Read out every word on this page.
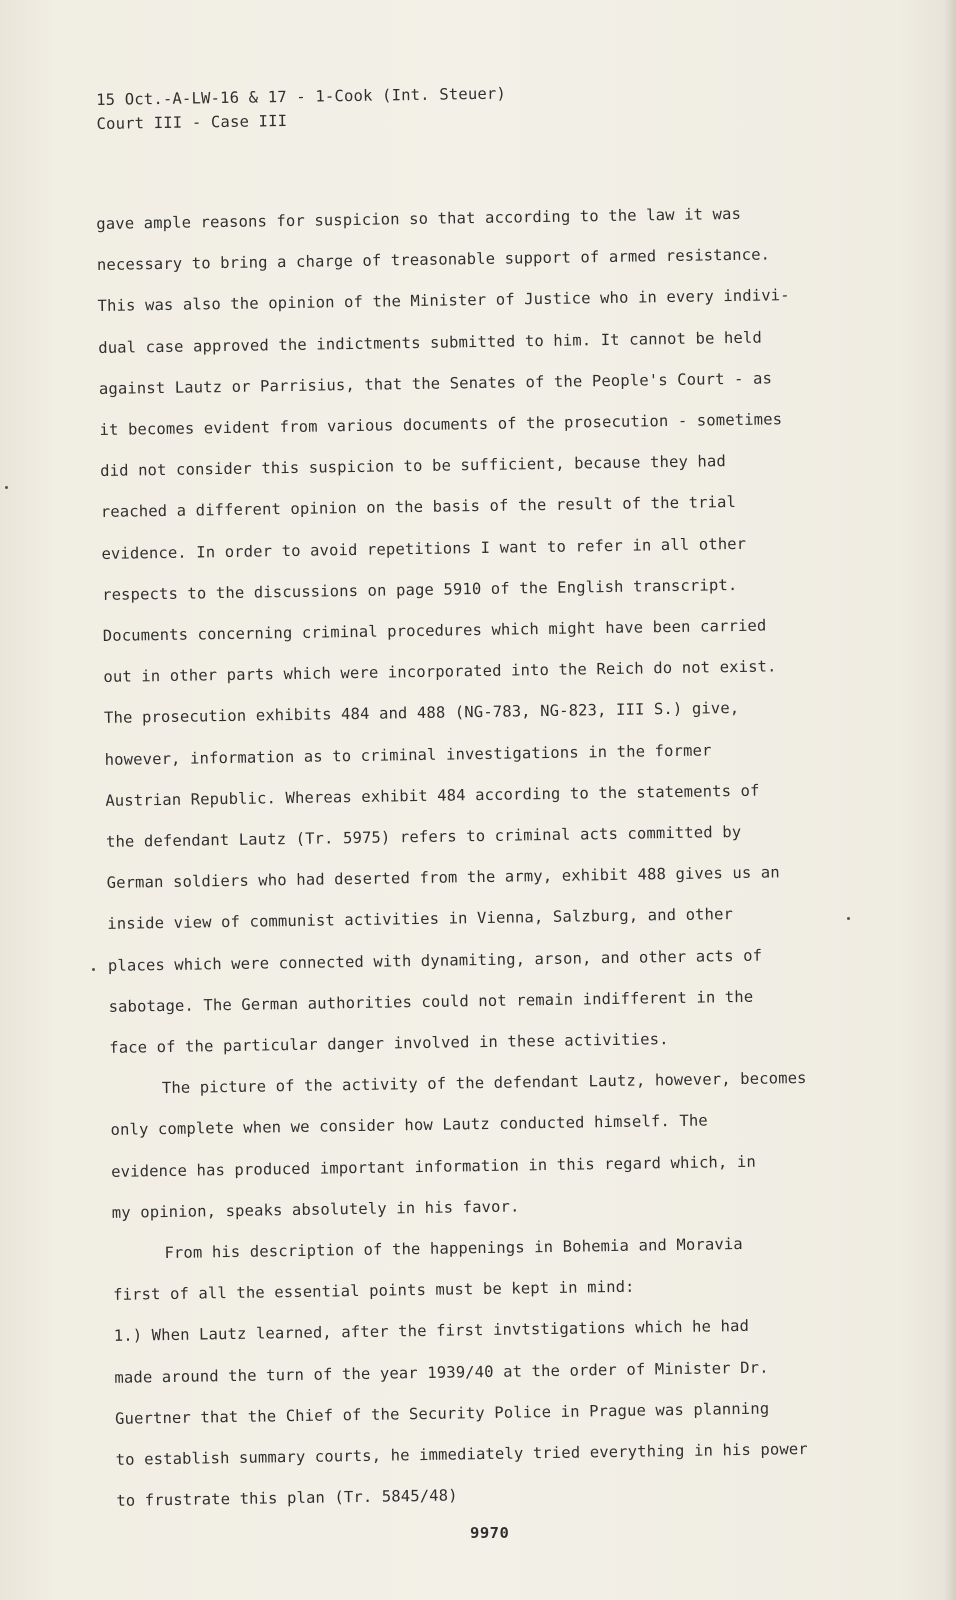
15 Oct.-A-LW-16 & 17 - 1-Cook (Int. Steuer)
Court III - Case III
gave ample reasons for suspicion so that according to the law it was
necessary to bring a charge of treasonable support of armed resistance.
This was also the opinion of the Minister of Justice who in every indivi-
dual case approved the indictments submitted to him. It cannot be held
against Lautz or Parrisius, that the Senates of the People's Court - as
it becomes evident from various documents of the prosecution - sometimes
did not consider this suspicion to be sufficient, because they had
reached a different opinion on the basis of the result of the trial
evidence. In order to avoid repetitions I want to refer in all other
respects to the discussions on page 5910 of the English transcript.
Documents concerning criminal procedures which might have been carried
out in other parts which were incorporated into the Reich do not exist.
The prosecution exhibits 484 and 488 (NG-783, NG-823, III S.) give,
however, information as to criminal investigations in the former
Austrian Republic. Whereas exhibit 484 according to the statements of
the defendant Lautz (Tr. 5975) refers to criminal acts committed by
German soldiers who had deserted from the army, exhibit 488 gives us an
inside view of communist activities in Vienna, Salzburg, and other
places which were connected with dynamiting, arson, and other acts of
sabotage. The German authorities could not remain indifferent in the
face of the particular danger involved in these activities.
The picture of the activity of the defendant Lautz, however, becomes
only complete when we consider how Lautz conducted himself. The
evidence has produced important information in this regard which, in
my opinion, speaks absolutely in his favor.
From his description of the happenings in Bohemia and Moravia
first of all the essential points must be kept in mind:
1.) When Lautz learned, after the first invtstigations which he had
made around the turn of the year 1939/40 at the order of Minister Dr.
Guertner that the Chief of the Security Police in Prague was planning
to establish summary courts, he immediately tried everything in his power
to frustrate this plan (Tr. 5845/48)
9970
